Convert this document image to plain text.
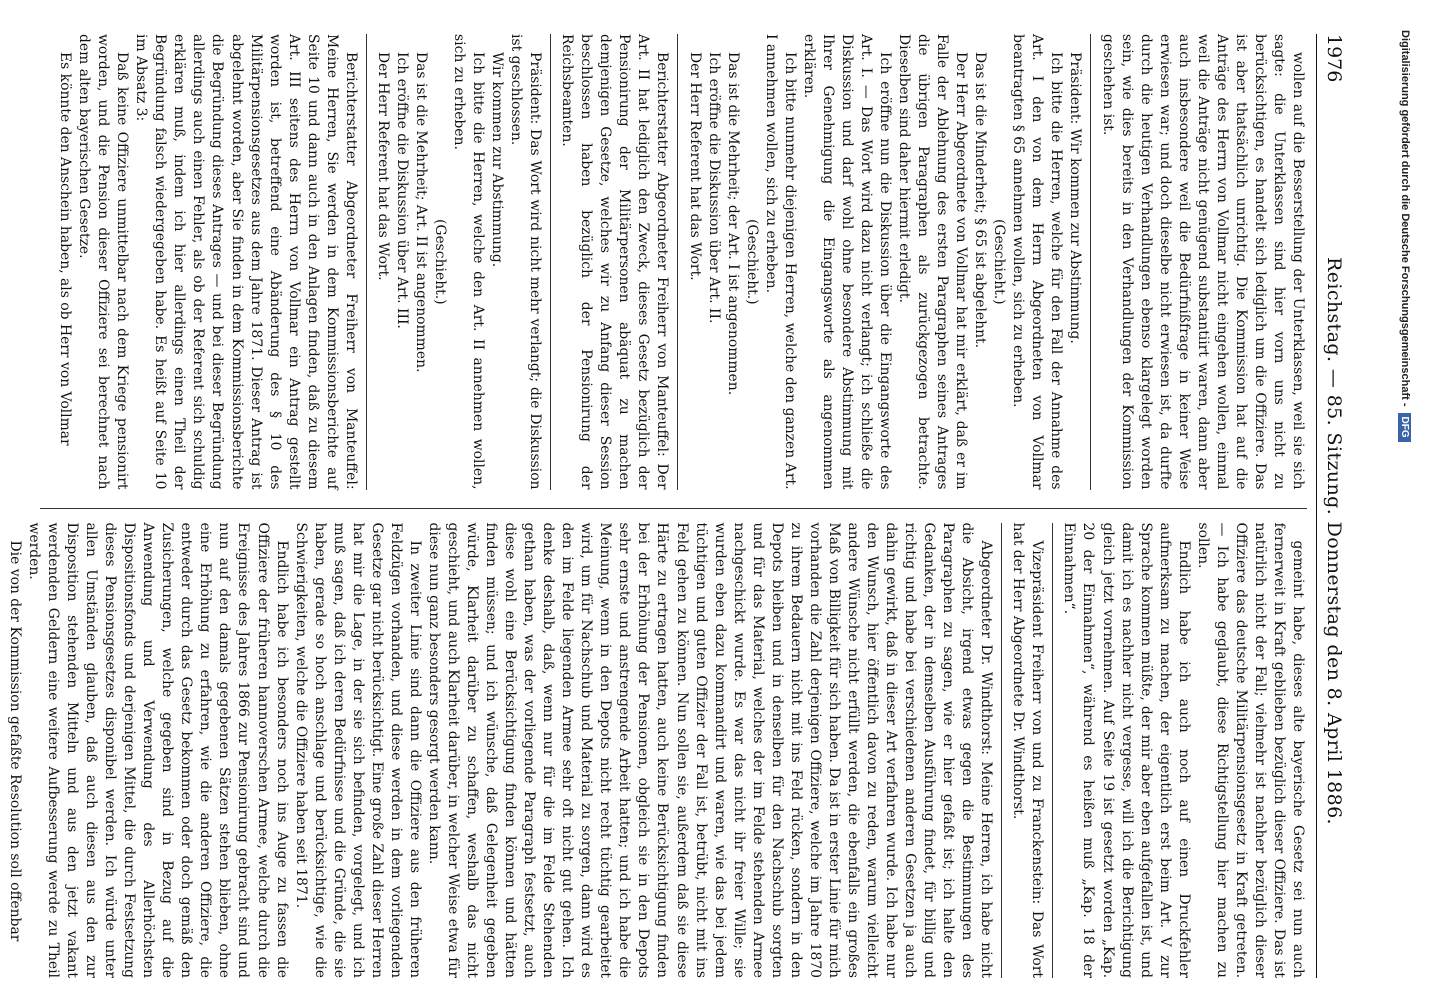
1976
Reichstag. — 85. Sitzung. Donnerstag den 8. April 1886.

wollen auf die Besserstellung der Unterklassen, weil sie sich sagte: die Unterklassen sind hier vorn uns nicht zu berücksichtigen, es handelt sich lediglich um die Offiziere. Das ist aber thatsächlich unrichtig. Die Kommission hat auf die Anträge des Herrn von Vollmar nicht eingehen wollen, einmal weil die Anträge nicht genügend substantiirt waren, dann aber auch insbesondere weil die Bedürfnißfrage in keiner Weise erwiesen war; und doch dieselbe nicht erwiesen ist, da durfte durch die heutigen Verhandlungen ebenso klargelegt worden sein, wie dies bereits in den Verhandlungen der Kommission geschehen ist.

Präsident: Wir kommen zur Abstimmung.

Ich bitte die Herren, welche für den Fall der Annahme des Art. I den von dem Herrn Abgeordneten von Vollmar beantragten § 65 annehmen wollen, sich zu erheben.

(Geschieht.)

Das ist die Minderheit; § 65 ist abgelehnt.

Der Herr Abgeordnete von Vollmar hat mir erklärt, daß er im Falle der Ablehnung des ersten Paragraphen seines Antrages die übrigen Paragraphen als zurückgezogen betrachte. Dieselben sind daher hiermit erledigt.

Ich eröffne nun die Diskussion über die Eingangsworte des Art. I. — Das Wort wird dazu nicht verlangt; ich schließe die Diskussion und darf wohl ohne besondere Abstimmung mit Ihrer Genehmigung die Eingangsworte als angenommen erklären.

Ich bitte nunmehr diejenigen Herren, welche den ganzen Art. I annehmen wollen, sich zu erheben.

(Geschieht.)

Das ist die Mehrheit; der Art. I ist angenommen.

Ich eröffne die Diskussion über Art. II.

Der Herr Referent hat das Wort.

Berichterstatter Abgeordneter Freiherr von Manteuffel: Der Art. II hat lediglich den Zweck, dieses Gesetz bezüglich der Pensionirung der Militärpersonen abäquat zu machen demjenigen Gesetze, welches wir zu Anfang dieser Session beschlossen haben bezüglich der Pensionirung der Reichsbeamten.

Präsident: Das Wort wird nicht mehr verlangt; die Diskussion ist geschlossen.

Wir kommen zur Abstimmung.

Ich bitte die Herren, welche den Art. II annehmen wollen, sich zu erheben.

(Geschieht.)

Das ist die Mehrheit; Art. II ist angenommen.

Ich eröffne die Diskussion über Art. III.

Der Herr Referent hat das Wort.

Berichterstatter Abgeordneter Freiherr von Manteuffel: Meine Herren, Sie werden in dem Kommissionsberichte auf Seite 10 und dann auch in den Anlagen finden, daß zu diesem Art. III seitens des Herrn von Vollmar ein Antrag gestellt worden ist, betreffend eine Abänderung des § 10 des Militärpensionsgesetzes aus dem Jahre 1871. Dieser Antrag ist abgelehnt worden, aber Sie finden in dem Kommissionsberichte die Begründung dieses Antrages — und bei dieser Begründung allerdings auch einen Fehler, als ob der Referent sich schuldig erklären muß, indem ich hier allerdings einen Theil der Begründung falsch wiedergegeben habe. Es heißt auf Seite 10 im Absatz 3:

Daß keine Offiziere unmittelbar nach dem Kriege pensionirt worden, und die Pension dieser Offiziere sei berechnet nach dem alten bayerischen Gesetze.

Es könnte den Anschein haben, als ob Herr von Vollmar

gemeint habe, dieses alte bayerische Gesetz sei nun auch fernerweit in Kraft geblieben bezüglich dieser Offiziere. Das ist natürlich nicht der Fall; vielmehr ist nachher bezüglich dieser Offiziere das deutsche Militärpensionsgesetz in Kraft getreten. — Ich habe geglaubt, diese Richtigstellung hier machen zu sollen.

Endlich habe ich auch noch auf einen Druckfehler aufmerksam zu machen, der eigentlich erst beim Art. V zur Sprache kommen müßte, der mir aber eben aufgefallen ist, und damit ich es nachher nicht vergesse, will ich die Berichtigung gleich jetzt vornehmen. Auf Seite 19 ist gesetzt worden „Kap. 20 der Einnahmen“, während es heißen muß „Kap. 18 der Einnahmen“.

Vizepräsident Freiherr von und zu Franckenstein: Das Wort hat der Herr Abgeordnete Dr. Windthorst.

Abgeordneter Dr. Windthorst: Meine Herren, ich habe nicht die Absicht, irgend etwas gegen die Bestimmungen des Paragraphen zu sagen, wie er hier gefaßt ist; ich halte den Gedanken, der in demselben Ausführung findet, für billig und richtig und habe bei verschiedenen anderen Gesetzen ja auch dahin gewirkt, daß in dieser Art verfahren wurde. Ich habe nur den Wunsch, hier öffentlich davon zu reden, warum vielleicht andere Wünsche nicht erfüllt werden, die ebenfalls ein großes Maß von Billigkeit für sich haben. Da ist in erster Linie für mich vorhanden die Zahl derjenigen Offiziere, welche im Jahre 1870 zu ihrem Bedauern nicht mit ins Feld rücken, sondern in den Depots bleiben und in denselben für den Nachschub sorgten und für das Material, welches der im Felde stehenden Armee nachgeschickt wurde. Es war das nicht ihr freier Wille; sie wurden eben dazu kommandirt und waren, wie das bei jedem tüchtigen und guten Offizier der Fall ist, betrübt, nicht mit ins Feld gehen zu können. Nun sollen sie, außerdem daß sie diese Härte zu ertragen hatten, auch keine Berücksichtigung finden bei der Erhöhung der Pensionen, obgleich sie in den Depots sehr ernste und anstrengende Arbeit hatten; und ich habe die Meinung, wenn in den Depots nicht recht tüchtig gearbeitet wird, um für Nachschub und Material zu sorgen, dann wird es den im Felde liegenden Armee sehr oft nicht gut gehen. Ich denke deshalb, daß, wenn nur für die im Felde Stehenden gethan haben, was der vorliegende Paragraph festsetzt, auch diese wohl eine Berücksichtigung finden können und hätten finden müssen; und ich wünsche, daß Gelegenheit gegeben würde, Klarheit darüber zu schaffen, weshalb das nicht geschieht, und auch Klarheit darüber, in welcher Weise etwa für diese nun ganz besonders gesorgt werden kann.

In zweiter Linie sind dann die Offiziere aus den früheren Feldzügen vorhanden, und diese werden in dem vorliegenden Gesetze gar nicht berücksichtigt. Eine große Zahl dieser Herren hat mir die Lage, in der sie sich befinden, vorgelegt, und ich muß sagen, daß ich deren Bedürfnisse und die Gründe, die sie haben, gerade so hoch anschlage und berücksichtige, wie die Schwierigkeiten, welche die Offiziere haben seit 1871.

Endlich habe ich besonders noch ins Auge zu fassen die Offiziere der früheren hannoverschen Armee, welche durch die Ereignisse des Jahres 1866 zur Pensionirung gebracht sind und nun auf den damals gegebenen Sätzen stehen blieben, ohne eine Erhöhung zu erfahren, wie die anderen Offiziere, die entweder durch das Gesetz bekommen oder doch gemäß den Zusicherungen, welche gegeben sind in Bezug auf die Anwendung und Verwendung des Allerhöchsten Dispositionsfonds und derjenigen Mittel, die durch Festsetzung dieses Pensionsgesetzes disponibel werden. Ich würde unter allen Umständen glauben, daß auch diesen aus den zur Disposition stehenden Mitteln und aus den jetzt vakant werdenden Geldern eine weitere Aufbesserung werde zu Theil werden.

Die von der Kommission gefaßte Resolution soll offenbar

Digitalisierung gefördert durch die Deutsche Forschungsgemeinschaft -
DFG
